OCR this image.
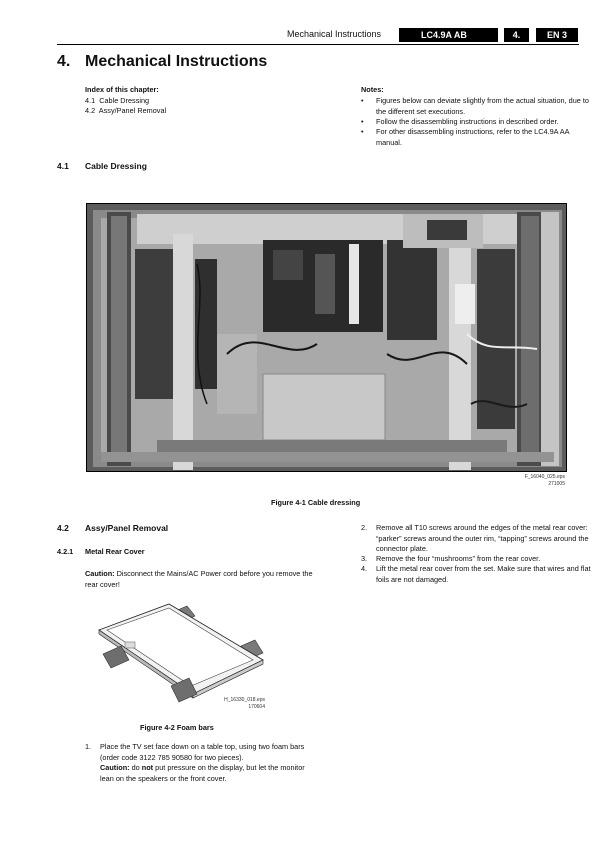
Mechanical Instructions	LC4.9A AB	4.	EN 3
4. Mechanical Instructions
Index of this chapter:
4.1  Cable Dressing
4.2  Assy/Panel Removal
Notes:
•	Figures below can deviate slightly from the actual situation, due to the different set executions.
•	Follow the disassembling instructions in described order.
•	For other disassembling instructions, refer to the LC4.9A AA manual.
4.1 Cable Dressing
F_16040_025.eps
271005
Figure 4-1 Cable dressing
4.2 Assy/Panel Removal
4.2.1 Metal Rear Cover
Caution: Disconnect the Mains/AC Power cord before you remove the rear cover!
H_16330_018.eps
170604
Figure 4-2 Foam bars
1.	Place the TV set face down on a table top, using two foam bars (order code 3122 785 90580 for two pieces).
Caution: do not put pressure on the display, but let the monitor lean on the speakers or the front cover.
2.	Remove all T10 screws around the edges of the metal rear cover: “parker” screws around the outer rim, “tapping” screws around the connector plate.
3.	Remove the four “mushrooms” from the rear cover.
4.	Lift the metal rear cover from the set. Make sure that wires and flat foils are not damaged.
